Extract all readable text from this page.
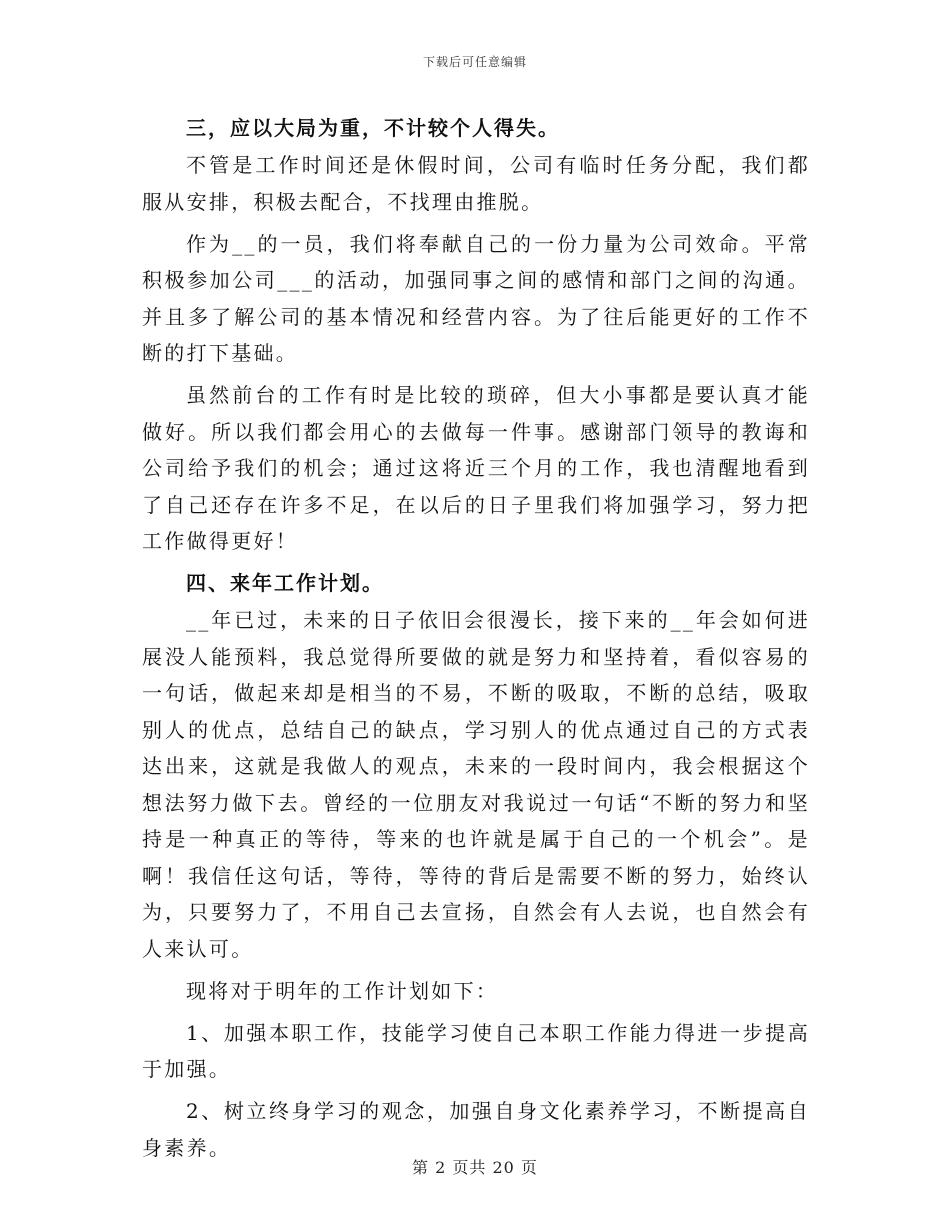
下载后可任意编辑

三，应以大局为重，不计较个人得失。

不管是工作时间还是休假时间，公司有临时任务分配，我们都服从安排，积极去配合，不找理由推脱。

作为__的一员，我们将奉献自己的一份力量为公司效命。平常积极参加公司___的活动，加强同事之间的感情和部门之间的沟通。并且多了解公司的基本情况和经营内容。为了往后能更好的工作不断的打下基础。

虽然前台的工作有时是比较的琐碎，但大小事都是要认真才能做好。所以我们都会用心的去做每一件事。感谢部门领导的教诲和公司给予我们的机会；通过这将近三个月的工作，我也清醒地看到了自己还存在许多不足，在以后的日子里我们将加强学习，努力把工作做得更好！

四、来年工作计划。

__年已过，未来的日子依旧会很漫长，接下来的__年会如何进展没人能预料，我总觉得所要做的就是努力和坚持着，看似容易的一句话，做起来却是相当的不易，不断的吸取，不断的总结，吸取别人的优点，总结自己的缺点，学习别人的优点通过自己的方式表达出来，这就是我做人的观点，未来的一段时间内，我会根据这个想法努力做下去。曾经的一位朋友对我说过一句话“不断的努力和坚持是一种真正的等待，等来的也许就是属于自己的一个机会”。是啊！我信任这句话，等待，等待的背后是需要不断的努力，始终认为，只要努力了，不用自己去宣扬，自然会有人去说，也自然会有人来认可。

现将对于明年的工作计划如下：

1、加强本职工作，技能学习使自己本职工作能力得进一步提高于加强。

2、树立终身学习的观念，加强自身文化素养学习，不断提高自身素养。

第 2 页共 20 页
